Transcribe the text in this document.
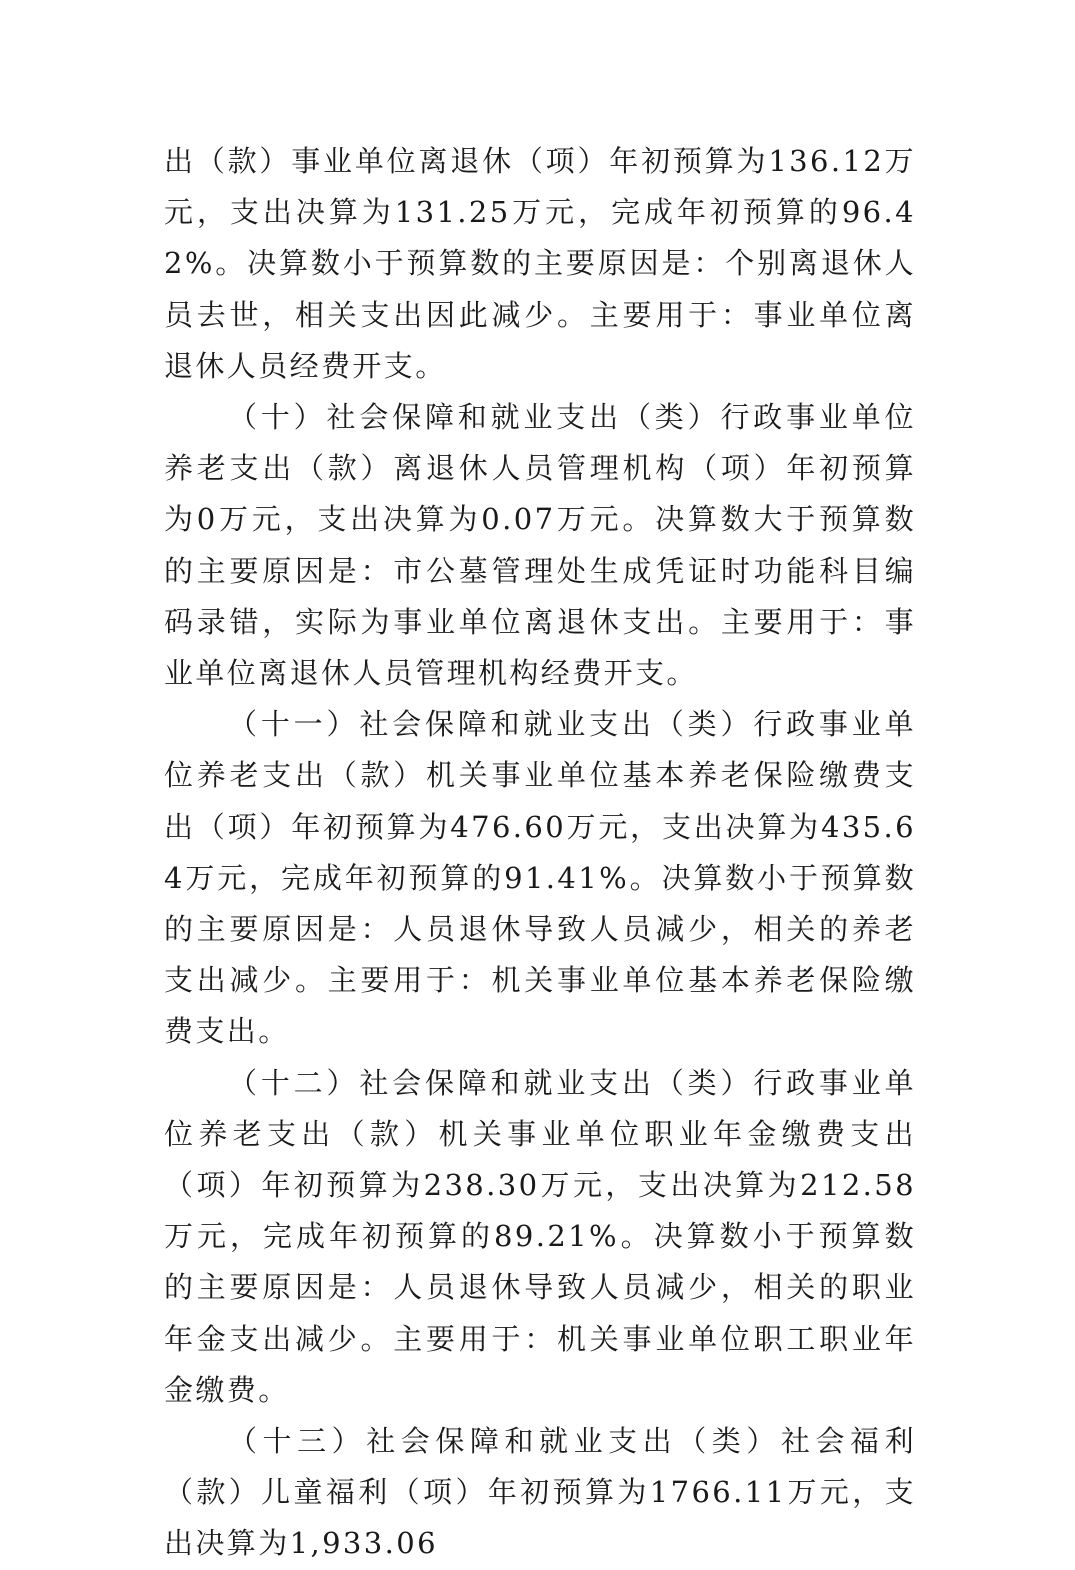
出（款）事业单位离退休（项）年初预算为136.12万元，支出决算为131.25万元，完成年初预算的96.42%。决算数小于预算数的主要原因是：个别离退休人员去世，相关支出因此减少。主要用于：事业单位离退休人员经费开支。

（十）社会保障和就业支出（类）行政事业单位养老支出（款）离退休人员管理机构（项）年初预算为0万元，支出决算为0.07万元。决算数大于预算数的主要原因是：市公墓管理处生成凭证时功能科目编码录错，实际为事业单位离退休支出。主要用于：事业单位离退休人员管理机构经费开支。

（十一）社会保障和就业支出（类）行政事业单位养老支出（款）机关事业单位基本养老保险缴费支出（项）年初预算为476.60万元，支出决算为435.64万元，完成年初预算的91.41%。决算数小于预算数的主要原因是：人员退休导致人员减少，相关的养老支出减少。主要用于：机关事业单位基本养老保险缴费支出。

（十二）社会保障和就业支出（类）行政事业单位养老支出（款）机关事业单位职业年金缴费支出（项）年初预算为238.30万元，支出决算为212.58万元，完成年初预算的89.21%。决算数小于预算数的主要原因是：人员退休导致人员减少，相关的职业年金支出减少。主要用于：机关事业单位职工职业年金缴费。

（十三）社会保障和就业支出（类）社会福利（款）儿童福利（项）年初预算为1766.11万元，支出决算为1,933.06
